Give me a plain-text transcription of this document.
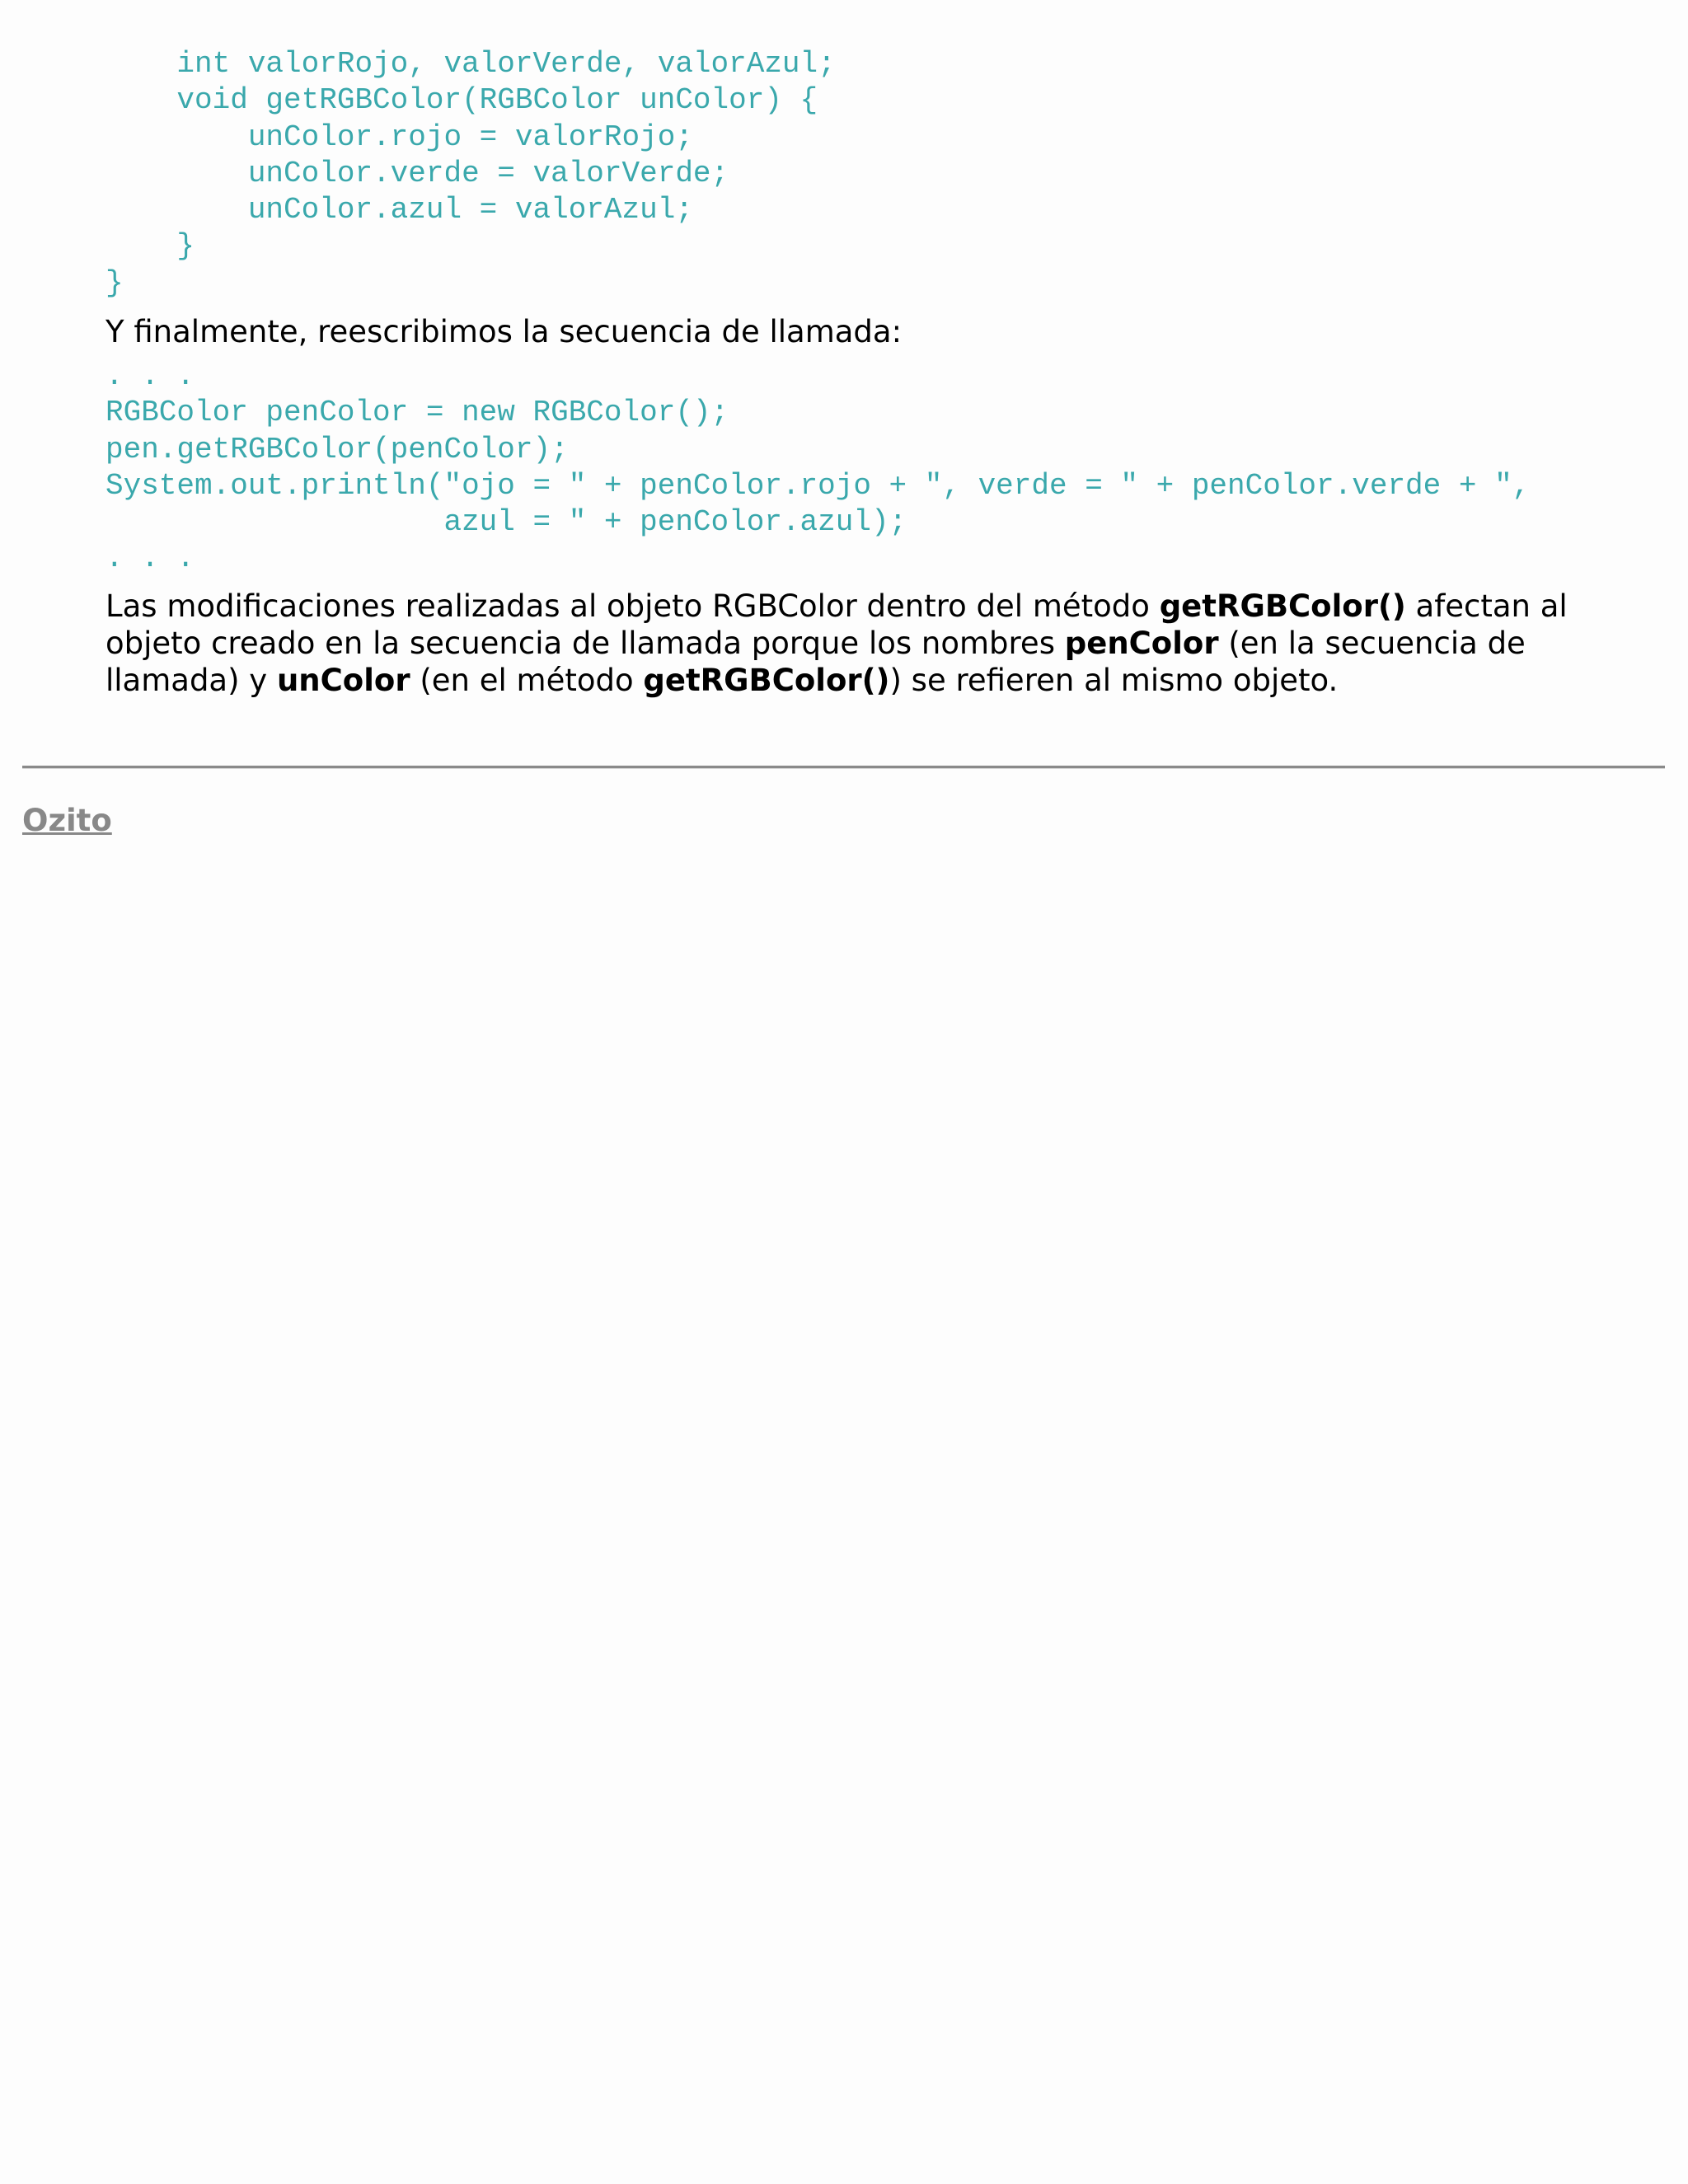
int valorRojo, valorVerde, valorAzul;
void getRGBColor(RGBColor unColor) {
unColor.rojo = valorRojo;
unColor.verde = valorVerde;
unColor.azul = valorAzul;
}
}

Y finalmente, reescribimos la secuencia de llamada:

. . .
RGBColor penColor = new RGBColor();
pen.getRGBColor(penColor);
System.out.println("ojo = " + penColor.rojo + ", verde = " + penColor.verde + ",
azul = " + penColor.azul);
. . .

Las modificaciones realizadas al objeto RGBColor dentro del método getRGBColor() afectan al objeto creado en la secuencia de llamada porque los nombres penColor (en la secuencia de llamada) y unColor (en el método getRGBColor()) se refieren al mismo objeto.

Ozito
